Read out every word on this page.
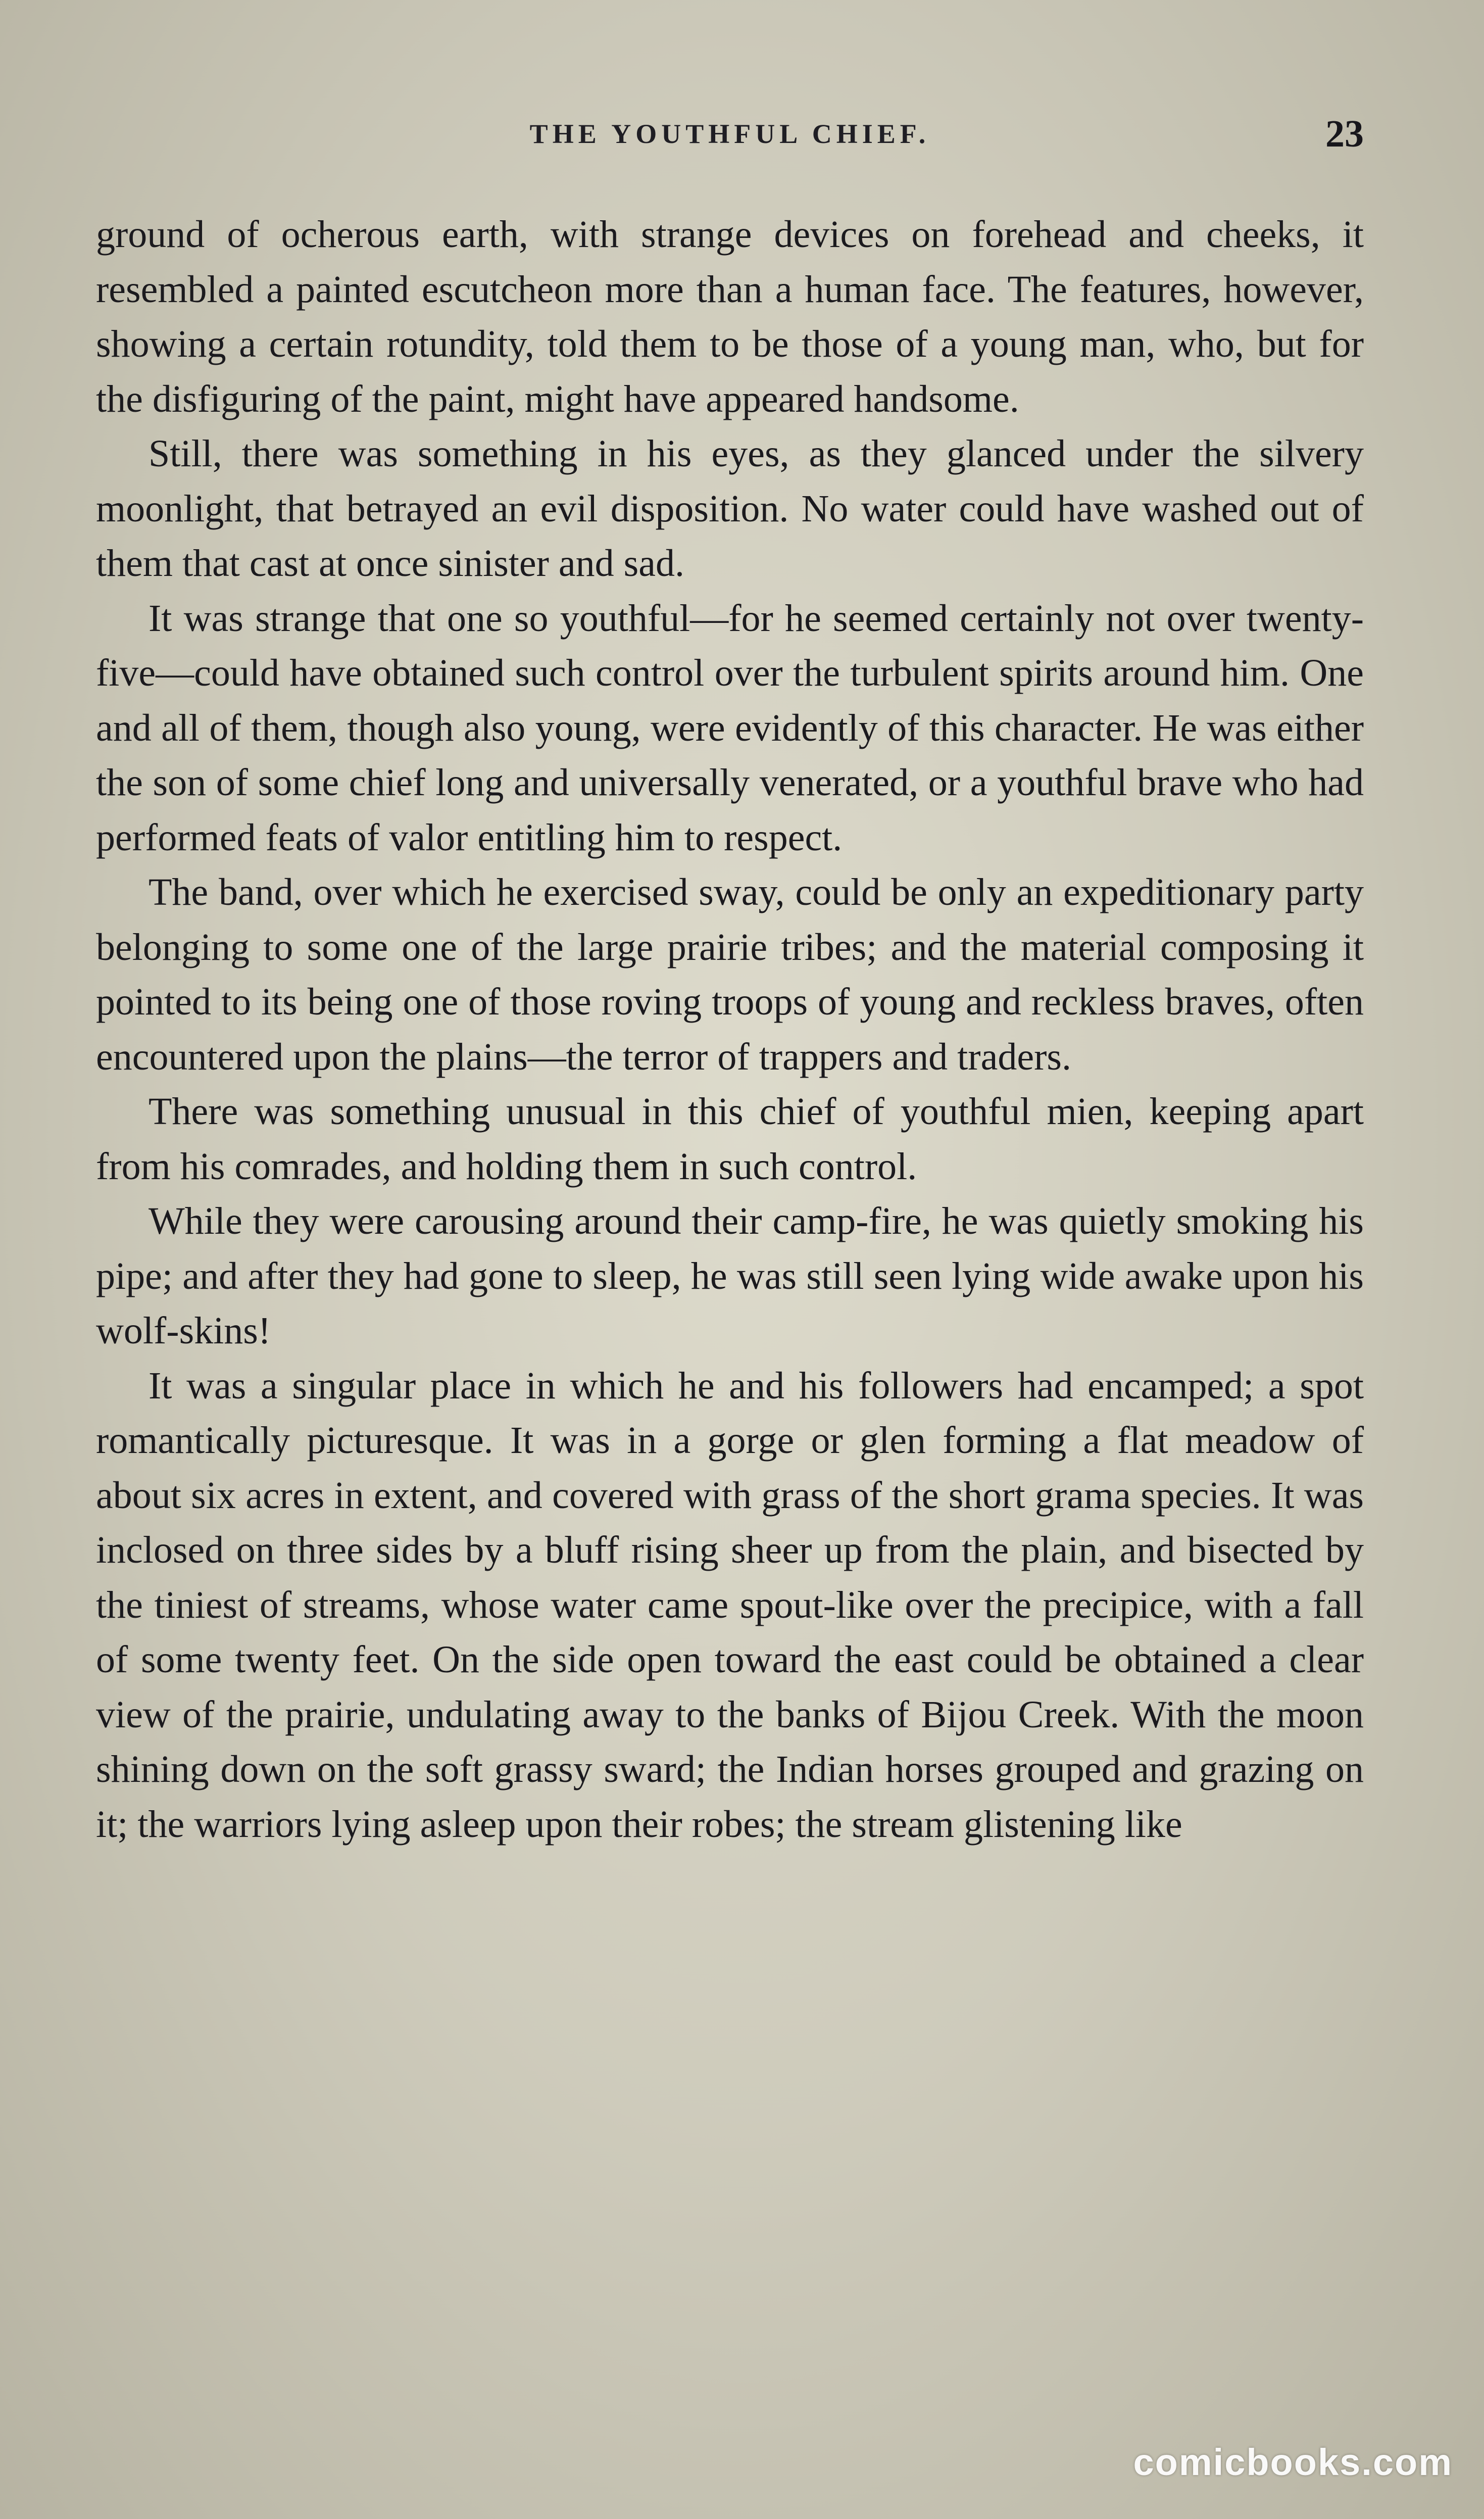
THE YOUTHFUL CHIEF.	23

ground of ocherous earth, with strange devices on forehead and cheeks, it resembled a painted escutcheon more than a human face. The features, however, showing a certain rotundity, told them to be those of a young man, who, but for the disfiguring of the paint, might have appeared handsome.

Still, there was something in his eyes, as they glanced under the silvery moonlight, that betrayed an evil disposition. No water could have washed out of them that cast at once sinister and sad.

It was strange that one so youthful—for he seemed certainly not over twenty-five—could have obtained such control over the turbulent spirits around him. One and all of them, though also young, were evidently of this character. He was either the son of some chief long and universally venerated, or a youthful brave who had performed feats of valor entitling him to respect.

The band, over which he exercised sway, could be only an expeditionary party belonging to some one of the large prairie tribes; and the material composing it pointed to its being one of those roving troops of young and reckless braves, often encountered upon the plains—the terror of trappers and traders.

There was something unusual in this chief of youthful mien, keeping apart from his comrades, and holding them in such control.

While they were carousing around their camp-fire, he was quietly smoking his pipe; and after they had gone to sleep, he was still seen lying wide awake upon his wolf-skins!

It was a singular place in which he and his followers had encamped; a spot romantically picturesque. It was in a gorge or glen forming a flat meadow of about six acres in extent, and covered with grass of the short grama species. It was inclosed on three sides by a bluff rising sheer up from the plain, and bisected by the tiniest of streams, whose water came spout-like over the precipice, with a fall of some twenty feet. On the side open toward the east could be obtained a clear view of the prairie, undulating away to the banks of Bijou Creek. With the moon shining down on the soft grassy sward; the Indian horses grouped and grazing on it; the warriors lying asleep upon their robes; the stream glistening like

comicbooks.com
